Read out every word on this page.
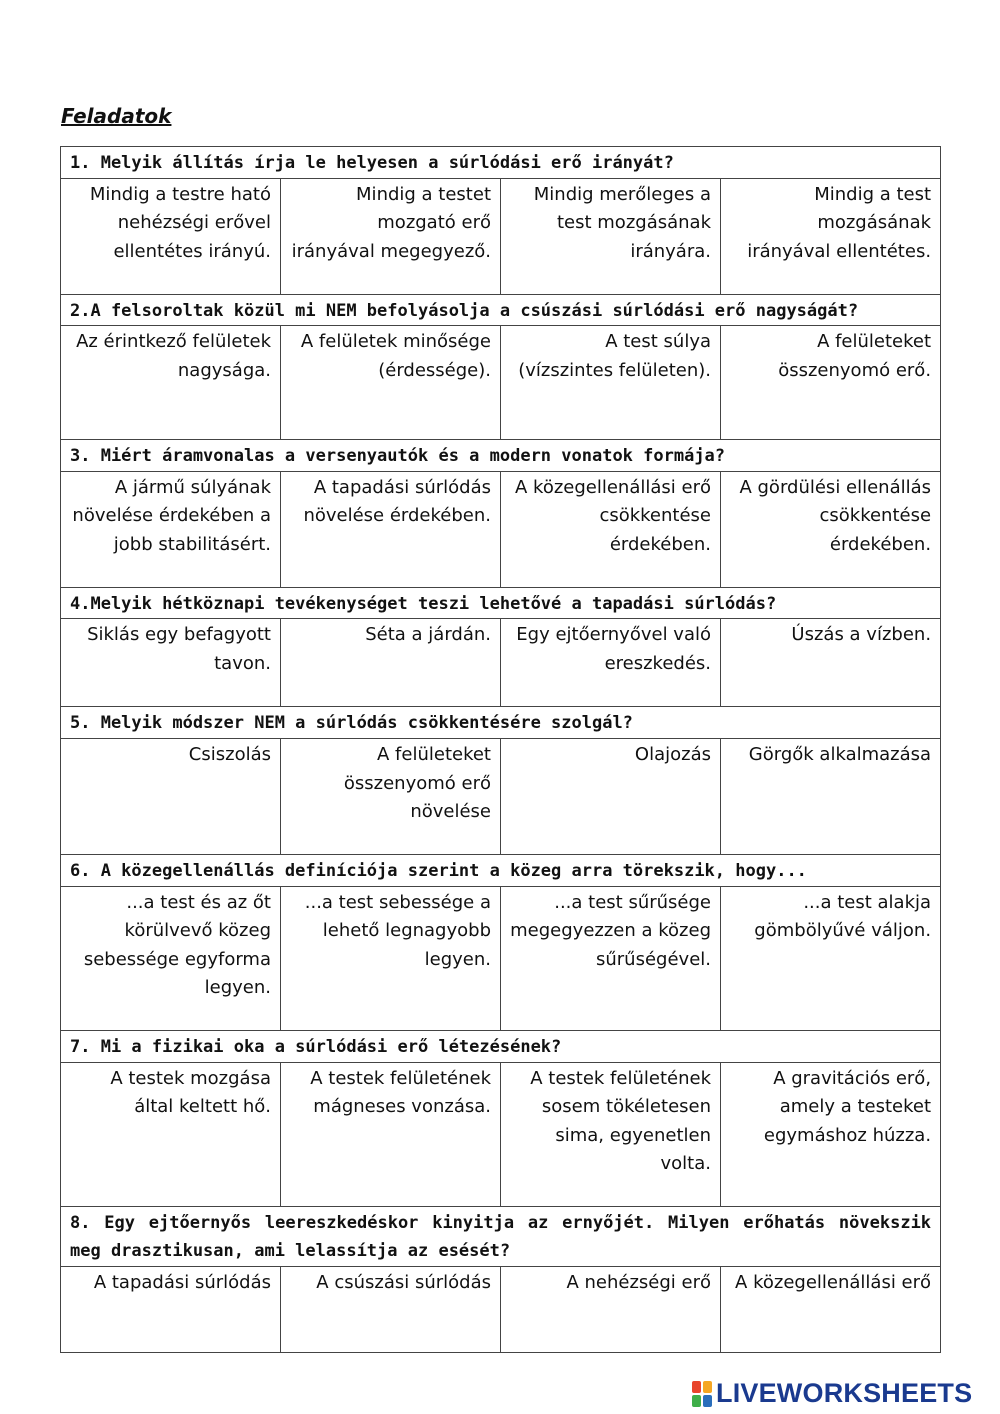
Feladatok
1. Melyik állítás írja le helyesen a súrlódási erő irányát?			
Mindig a testre ható nehézségi erővel ellentétes irányú.	Mindig a testet mozgató erő irányával megegyező.	Mindig merőleges a test mozgásának irányára.	Mindig a test mozgásának irányával ellentétes.
2.A felsoroltak közül mi NEM befolyásolja a csúszási súrlódási erő nagyságát?			
Az érintkező felületek nagysága.	A felületek minősége (érdessége).	A test súlya (vízszintes felületen).	A felületeket összenyomó erő.
3. Miért áramvonalas a versenyautók és a modern vonatok formája?			
A jármű súlyának növelése érdekében a jobb stabilitásért.	A tapadási súrlódás növelése érdekében.	A közegellenállási erő csökkentése érdekében.	A gördülési ellenállás csökkentése érdekében.
4.Melyik hétköznapi tevékenységet teszi lehetővé a tapadási súrlódás?			
Siklás egy befagyott tavon.	Séta a járdán.	Egy ejtőernyővel való ereszkedés.	Úszás a vízben.
5. Melyik módszer NEM a súrlódás csökkentésére szolgál?			
Csiszolás	A felületeket összenyomó erő növelése	Olajozás	Görgők alkalmazása
6. A közegellenállás definíciója szerint a közeg arra törekszik, hogy...			
...a test és az őt körülvevő közeg sebessége egyforma legyen.	...a test sebessége a lehető legnagyobb legyen.	...a test sűrűsége megegyezzen a közeg sűrűségével.	...a test alakja gömbölyűvé váljon.
7. Mi a fizikai oka a súrlódási erő létezésének?			
A testek mozgása által keltett hő.	A testek felületének mágneses vonzása.	A testek felületének sosem tökéletesen sima, egyenetlen volta.	A gravitációs erő, amely a testeket egymáshoz húzza.
8. Egy ejtőernyős leereszkedéskor kinyitja az ernyőjét. Milyen erőhatás növekszik meg drasztikusan, ami lelassítja az esését?			
A tapadási súrlódás	A csúszási súrlódás	A nehézségi erő	A közegellenállási erő
LIVEWORKSHEETS
